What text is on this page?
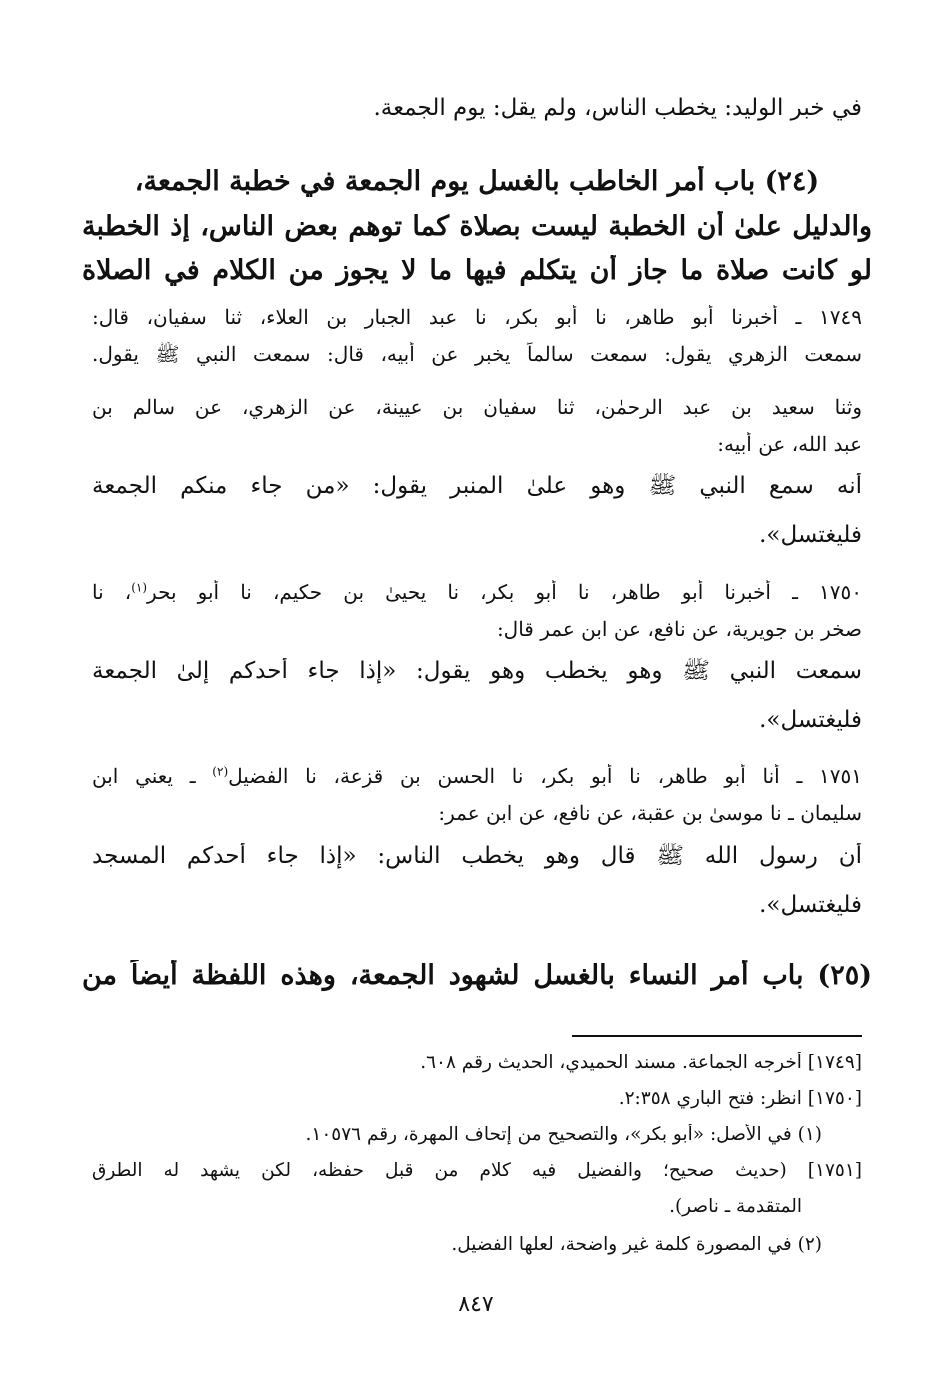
في خبر الوليد: يخطب الناس، ولم يقل: يوم الجمعة.
(٢٤) باب أمر الخاطب بالغسل يوم الجمعة في خطبة الجمعة،
والدليل علىٰ أن الخطبة ليست بصلاة كما توهم بعض الناس، إذ الخطبة
لو كانت صلاة ما جاز أن يتكلم فيها ما لا يجوز من الكلام في الصلاة
١٧٤٩ ـ أخبرنا أبو طاهر، نا أبو بكر، نا عبد الجبار بن العلاء، ثنا سفيان، قال:
سمعت الزهري يقول: سمعت سالماً يخبر عن أبيه، قال: سمعت النبي ﷺ يقول.
وثنا سعيد بن عبد الرحمٰن، ثنا سفيان بن عيينة، عن الزهري، عن سالم بن
عبد الله، عن أبيه:
أنه سمع النبي ﷺ وهو علىٰ المنبر يقول: «من جاء منكم الجمعة
فليغتسل».
١٧٥٠ ـ أخبرنا أبو طاهر، نا أبو بكر، نا يحيىٰ بن حكيم، نا أبو بحر$^{(١)}$، نا
صخر بن جويرية، عن نافع، عن ابن عمر قال:
سمعت النبي ﷺ وهو يخطب وهو يقول: «إذا جاء أحدكم إلىٰ الجمعة
فليغتسل».
١٧٥١ ـ أنا أبو طاهر، نا أبو بكر، نا الحسن بن قزعة، نا الفضيل$^{(٢)}$ ـ يعني ابن
سليمان ـ نا موسىٰ بن عقبة، عن نافع، عن ابن عمر:
أن رسول الله ﷺ قال وهو يخطب الناس: «إذا جاء أحدكم المسجد
فليغتسل».
(٢٥) باب أمر النساء بالغسل لشهود الجمعة، وهذه اللفظة أيضاً من
[١٧٤٩] أخرجه الجماعة. مسند الحميدي، الحديث رقم ٦٠٨.
[١٧٥٠] انظر: فتح الباري ٢:٣٥٨.
(١) في الأصل: «أبو بكر»، والتصحيح من إتحاف المهرة، رقم ١٠٥٧٦.
[١٧٥١] (حديث صحيح؛ والفضيل فيه كلام من قبل حفظه، لكن يشهد له الطرق
المتقدمة ـ ناصر).
(٢) في المصورة كلمة غير واضحة، لعلها الفضيل.
٨٤٧
